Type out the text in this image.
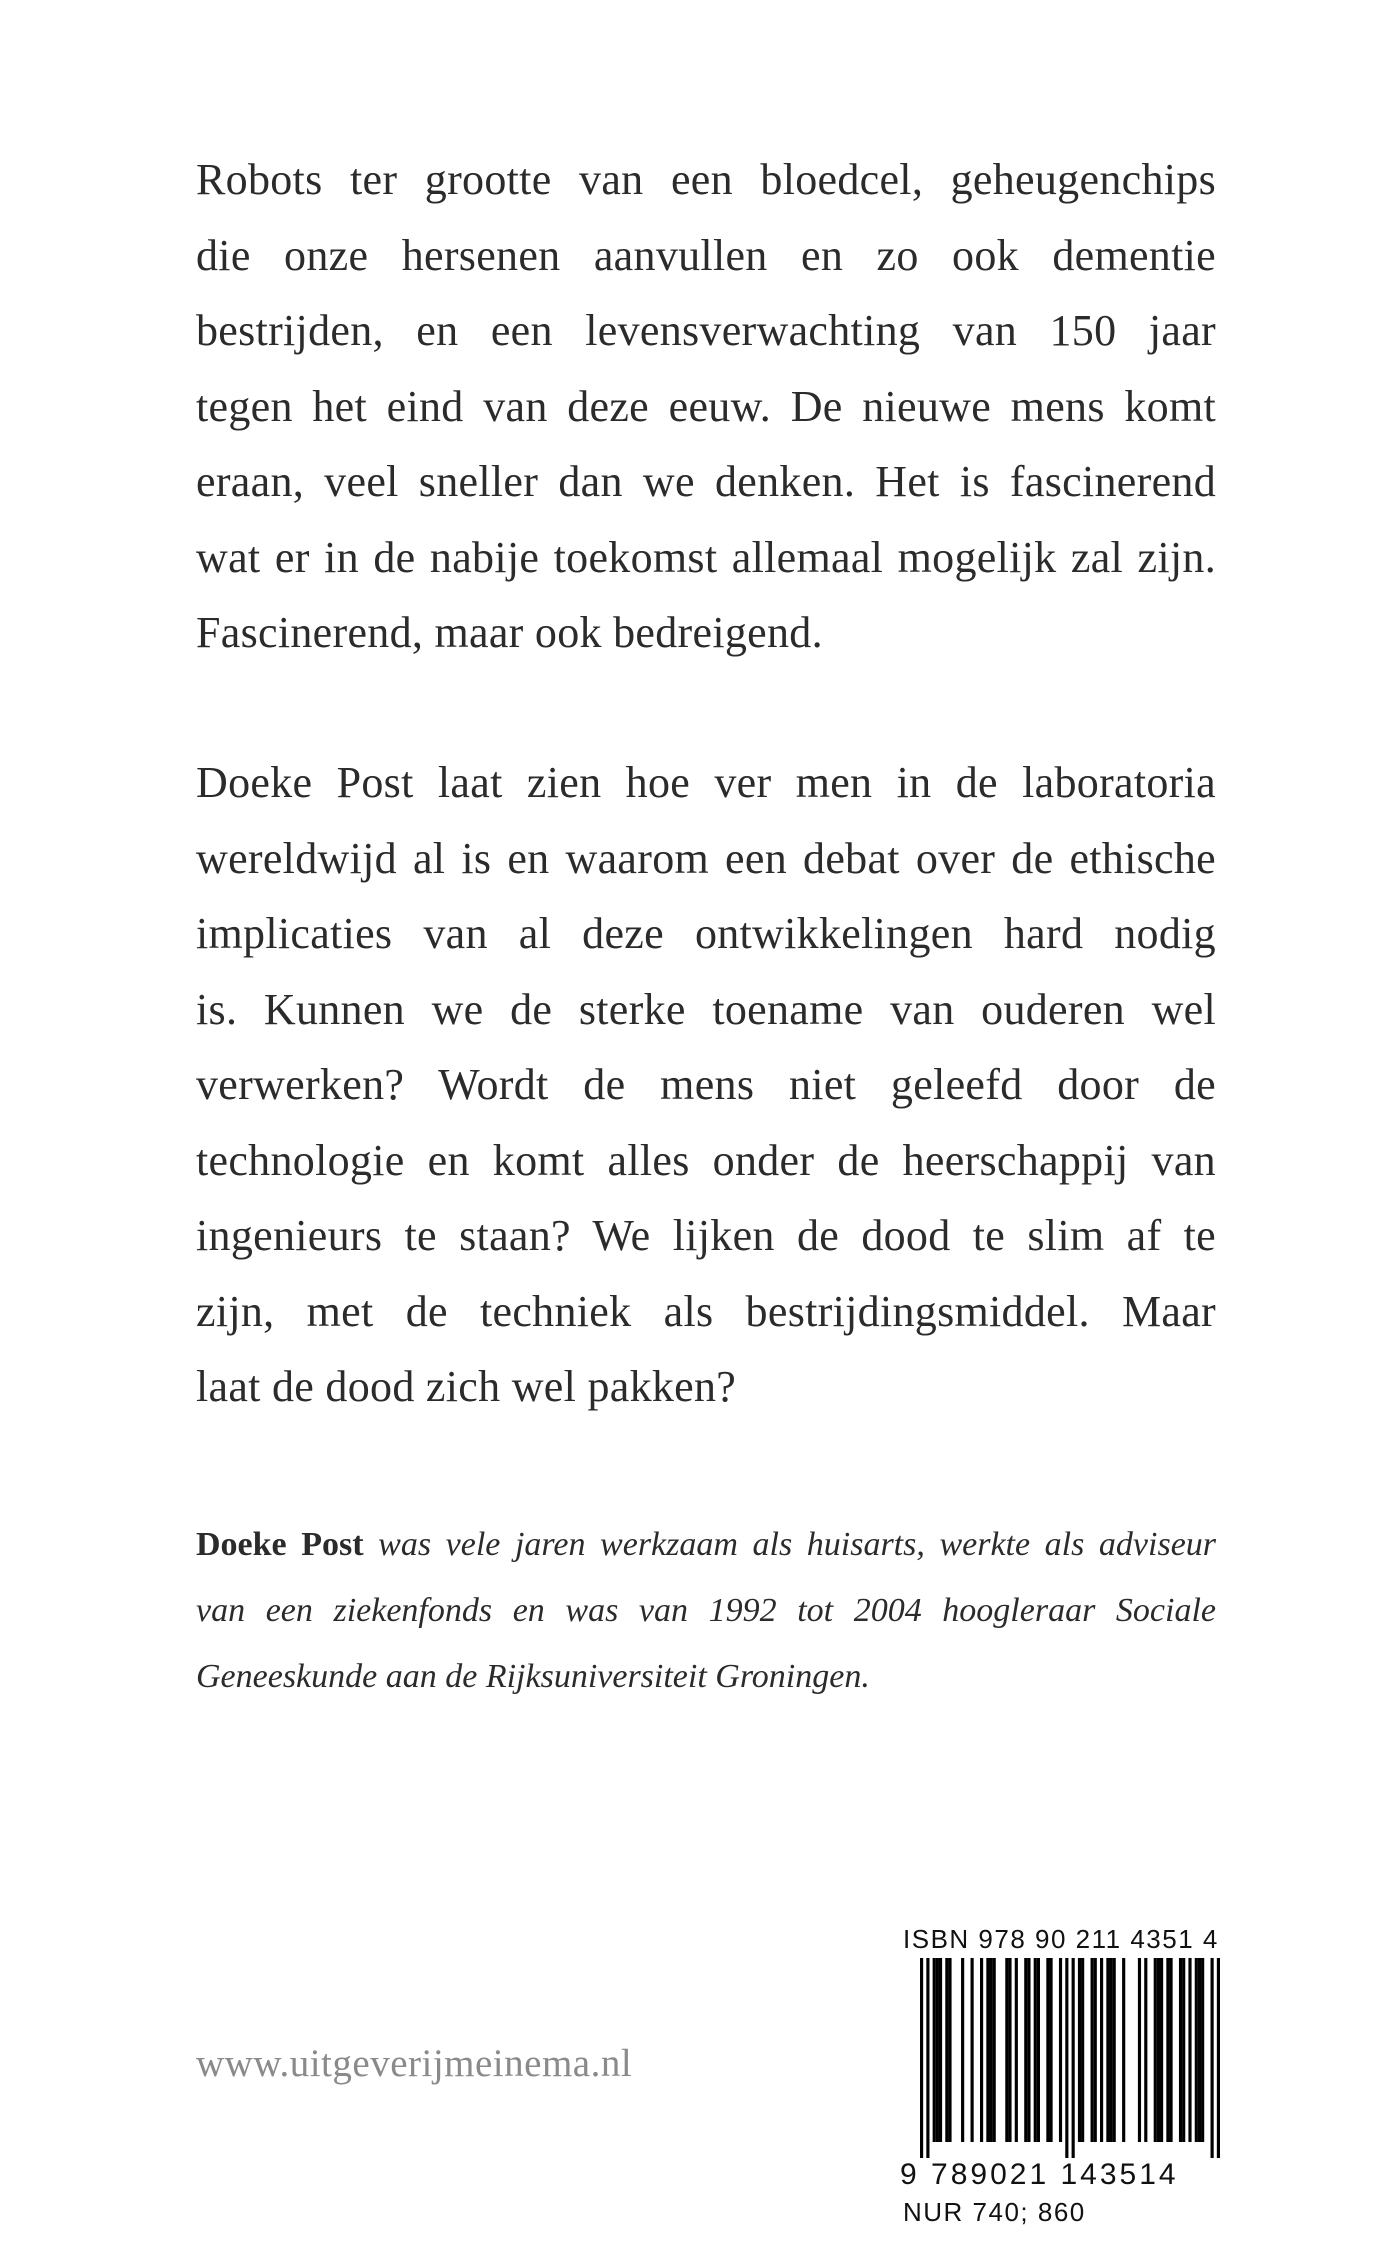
Robots ter grootte van een bloedcel, geheugenchips
die onze hersenen aanvullen en zo ook dementie
bestrijden, en een levensverwachting van 150 jaar
tegen het eind van deze eeuw. De nieuwe mens komt
eraan, veel sneller dan we denken. Het is fascinerend
wat er in de nabije toekomst allemaal mogelijk zal zijn.
Fascinerend, maar ook bedreigend.

Doeke Post laat zien hoe ver men in de laboratoria
wereldwijd al is en waarom een debat over de ethische
implicaties van al deze ontwikkelingen hard nodig
is. Kunnen we de sterke toename van ouderen wel
verwerken? Wordt de mens niet geleefd door de
technologie en komt alles onder de heerschappij van
ingenieurs te staan? We lijken de dood te slim af te
zijn, met de techniek als bestrijdingsmiddel. Maar
laat de dood zich wel pakken?

Doeke Post was vele jaren werkzaam als huisarts, werkte als adviseur
van een ziekenfonds en was van 1992 tot 2004 hoogleraar Sociale
Geneeskunde aan de Rijksuniversiteit Groningen.

www.uitgeverijmeinema.nl
ISBN 978 90 211 4351 4
9 789021 143514
NUR 740; 860
